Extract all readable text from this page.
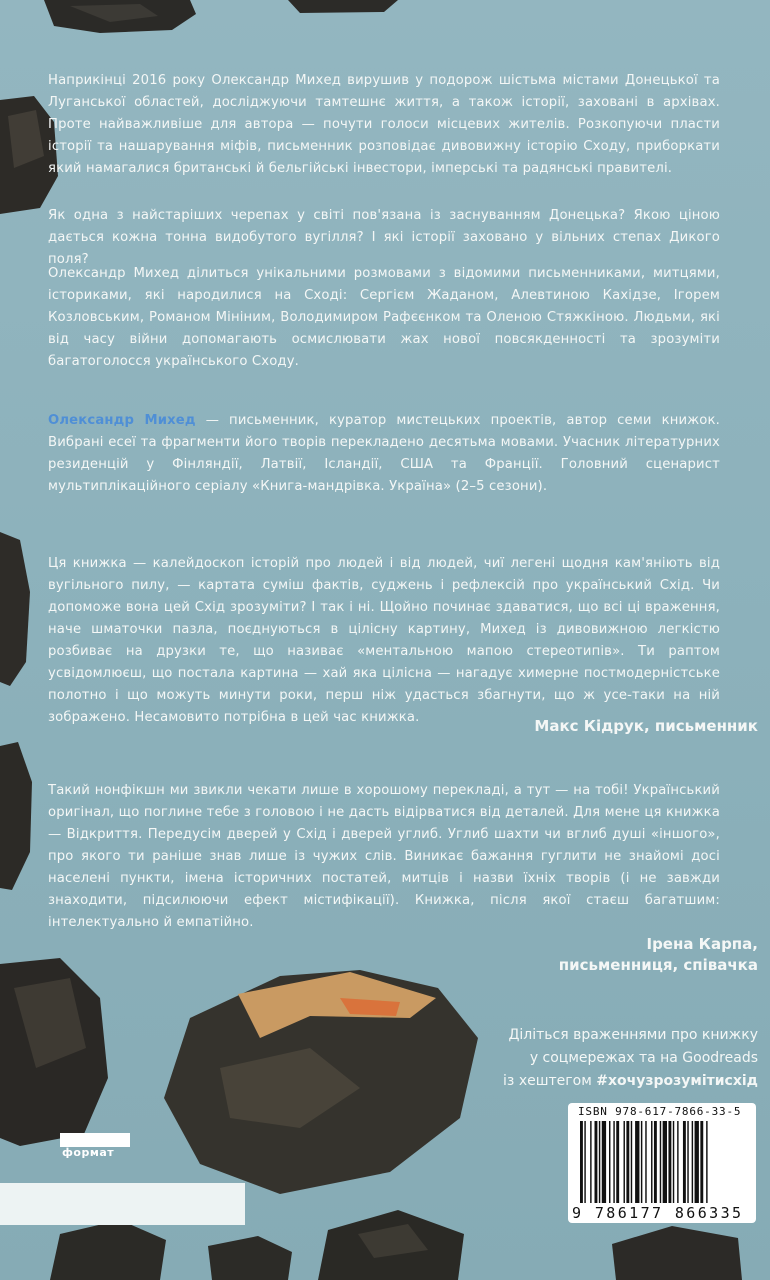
Наприкінці 2016 року Олександр Михед вирушив у подорож шістьма містами Донецької та Луганської областей, досліджуючи тамтешнє життя, а також історії, заховані в архівах. Проте найважливіше для автора — почути голоси місцевих жителів. Розкопуючи пласти історії та нашарування міфів, письменник розповідає дивовижну історію Сходу, приборкати який намагалися британські й бельгійські інвестори, імперські та радянські правителі.
Як одна з найстаріших черепах у світі пов'язана із заснуванням Донецька? Якою ціною дається кожна тонна видобутого вугілля? І які історії заховано у вільних степах Дикого поля?
Олександр Михед ділиться унікальними розмовами з відомими письменниками, митцями, істориками, які народилися на Сході: Сергієм Жаданом, Алевтиною Кахідзе, Ігорем Козловським, Романом Мініним, Володимиром Рафєєнком та Оленою Стяжкіною. Людьми, які від часу війни допомагають осмислювати жах нової повсякденності та зрозуміти багатоголосся українського Сходу.
Олександр Михед — письменник, куратор мистецьких проектів, автор семи книжок. Вибрані есеї та фрагменти його творів перекладено десятьма мовами. Учасник літературних резиденцій у Фінляндії, Латвії, Ісландії, США та Франції. Головний сценарист мультиплікаційного серіалу «Книга-мандрівка. Україна» (2–5 сезони).
Ця книжка — калейдоскоп історій про людей і від людей, чиї легені щодня кам'яніють від вугільного пилу, — картата суміш фактів, суджень і рефлексій про український Схід. Чи допоможе вона цей Схід зрозуміти? І так і ні. Щойно починає здаватися, що всі ці враження, наче шматочки пазла, поєднуються в цілісну картину, Михед із дивовижною легкістю розбиває на друзки те, що називає «ментальною мапою стереотипів». Ти раптом усвідомлюєш, що постала картина — хай яка цілісна — нагадує химерне постмодерністське полотно і що можуть минути роки, перш ніж удасться збагнути, що ж усе-таки на ній зображено. Несамовито потрібна в цей час книжка.	Макс Кідрук, письменник
Такий нонфікшн ми звикли чекати лише в хорошому перекладі, а тут — на тобі! Український оригінал, що поглине тебе з головою і не дасть відірватися від деталей. Для мене ця книжка — Відкриття. Передусім дверей у Схід і дверей углиб. Углиб шахти чи вглиб душі «іншого», про якого ти раніше знав лише із чужих слів. Виникає бажання гуглити не знайомі досі населені пункти, імена історичних постатей, митців і назви їхніх творів (і не завжди знаходити, підсилюючи ефект містифікації). Книжка, після якої стаєш багатшим: інтелектуально й емпатійно.
Ірена Карпа,
письменниця, співачка
Діліться враженнями про книжку
у соцмережах та на Goodreads
із хештегом #хочузрозумітисхід
формат
ISBN 978-617-7866-33-5
9 786177 866335
